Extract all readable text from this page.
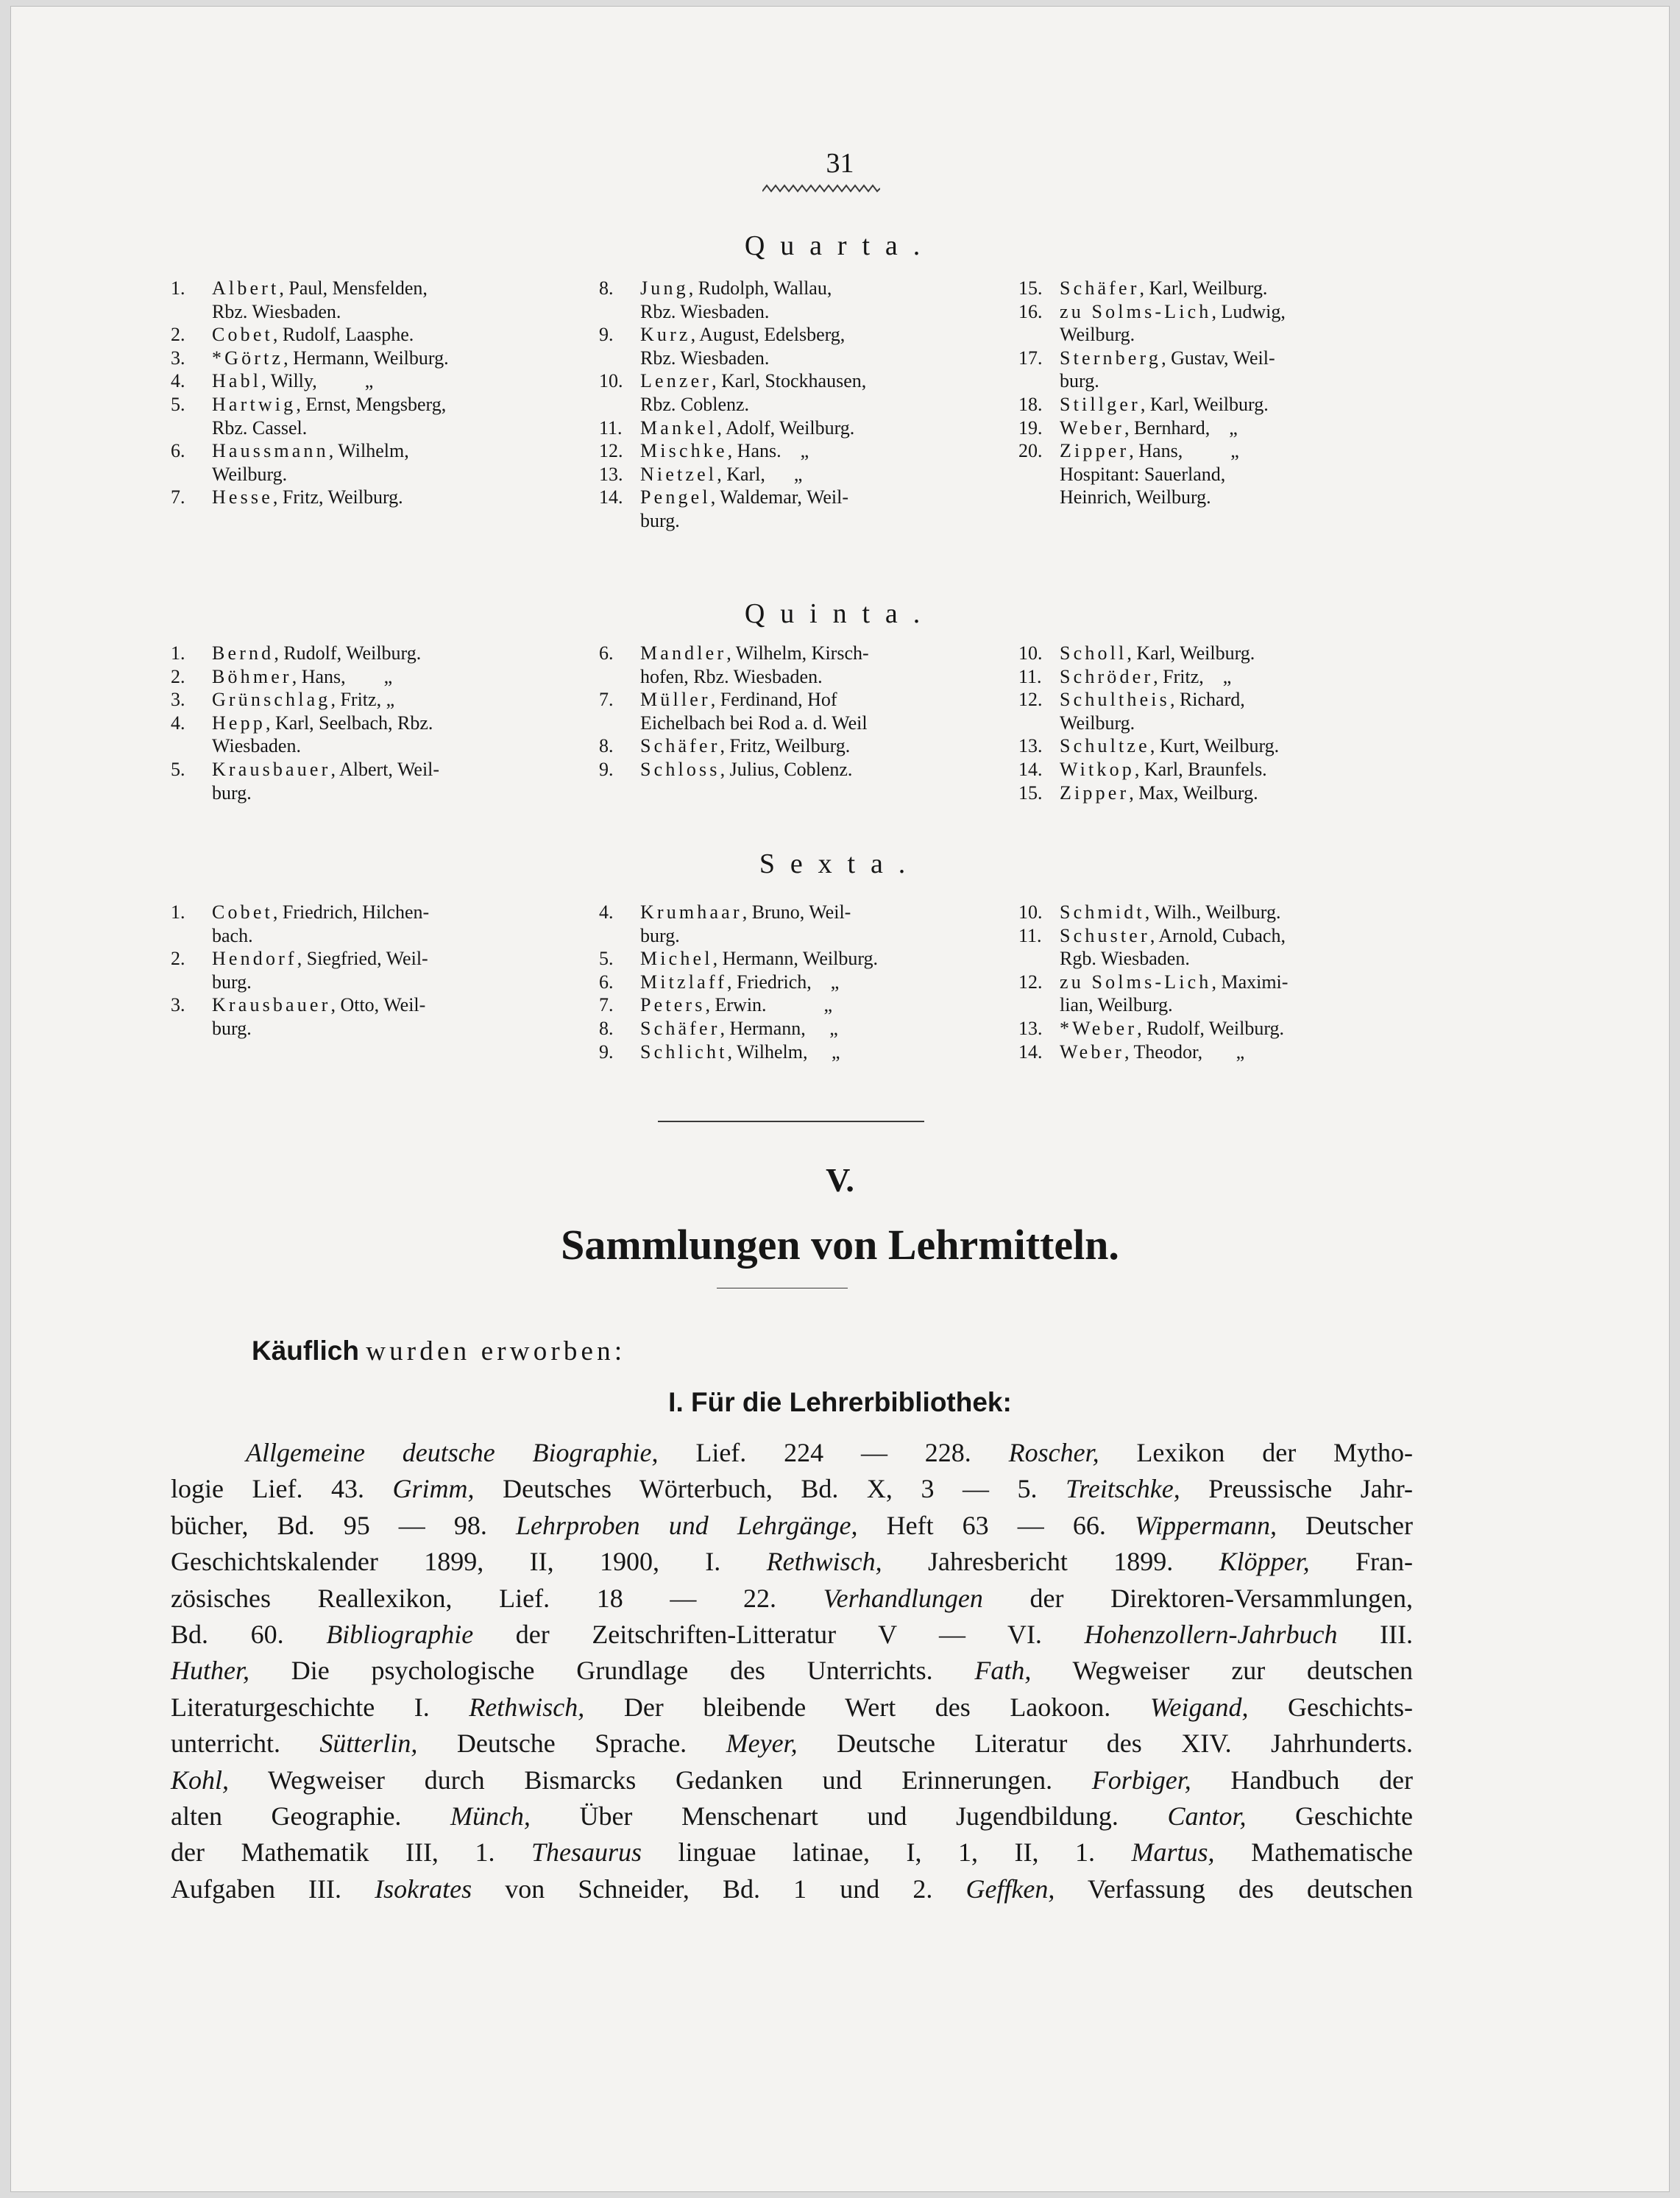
31
Quarta.
1.	Albert, Paul, Mensfelden,
Rbz. Wiesbaden.
2.	Cobet, Rudolf, Laasphe.
3.	*Görtz, Hermann, Weilburg.
4.	Habl, Willy,          „
5.	Hartwig, Ernst, Mengsberg,
Rbz. Cassel.
6.	Haussmann, Wilhelm,
Weilburg.
7.	Hesse, Fritz, Weilburg.
8.	Jung, Rudolph, Wallau,
Rbz. Wiesbaden.
9.	Kurz, August, Edelsberg,
Rbz. Wiesbaden.
10. Lenzer, Karl, Stockhausen,
Rbz. Coblenz.
11. Mankel, Adolf, Weilburg.
12. Mischke, Hans.    „
13. Nietzel, Karl,      „
14. Pengel, Waldemar, Weil-
burg.
15. Schäfer, Karl, Weilburg.
16. zu Solms-Lich, Ludwig,
Weilburg.
17. Sternberg, Gustav, Weil-
burg.
18. Stillger, Karl, Weilburg.
19. Weber, Bernhard,    „
20. Zipper, Hans,          „
Hospitant: Sauerland,
Heinrich, Weilburg.
Quinta.
1.	Bernd, Rudolf, Weilburg.
2.	Böhmer, Hans,        „
3.	Grünschlag, Fritz, „
4.	Hepp, Karl, Seelbach, Rbz.
Wiesbaden.
5.	Krausbauer, Albert, Weil-
burg.
6.	Mandler, Wilhelm, Kirsch-
hofen, Rbz. Wiesbaden.
7.	Müller, Ferdinand, Hof
Eichelbach bei Rod a. d. Weil
8.	Schäfer, Fritz, Weilburg.
9.	Schloss, Julius, Coblenz.
10. Scholl, Karl, Weilburg.
11. Schröder, Fritz,    „
12. Schultheis, Richard,
Weilburg.
13. Schultze, Kurt, Weilburg.
14. Witkop, Karl, Braunfels.
15. Zipper, Max, Weilburg.
Sexta.
1.	Cobet, Friedrich, Hilchen-
bach.
2.	Hendorf, Siegfried, Weil-
burg.
3.	Krausbauer, Otto, Weil-
burg.
4.	Krumhaar, Bruno, Weil-
burg.
5.	Michel, Hermann, Weilburg.
6.	Mitzlaff, Friedrich,    „
7.	Peters, Erwin.            „
8.	Schäfer, Hermann,     „
9.	Schlicht, Wilhelm,     „
10. Schmidt, Wilh., Weilburg.
11. Schuster, Arnold, Cubach,
Rgb. Wiesbaden.
12. zu Solms-Lich, Maximi-
lian, Weilburg.
13. *Weber, Rudolf, Weilburg.
14. Weber, Theodor,       „
V.
Sammlungen von Lehrmitteln.
Käuflich wurden erworben:
I. Für die Lehrerbibliothek:
Allgemeine deutsche Biographie, Lief. 224 — 228. Roscher, Lexikon der Mytho-
logie Lief. 43. Grimm, Deutsches Wörterbuch, Bd. X, 3 — 5. Treitschke, Preussische Jahr-
bücher, Bd. 95 — 98. Lehrproben und Lehrgänge, Heft 63 — 66. Wippermann, Deutscher
Geschichtskalender 1899, II, 1900, I. Rethwisch, Jahresbericht 1899. Klöpper, Fran-
zösisches Reallexikon, Lief. 18 — 22. Verhandlungen der Direktoren-Versammlungen,
Bd. 60. Bibliographie der Zeitschriften-Litteratur V — VI. Hohenzollern-Jahrbuch III.
Huther, Die psychologische Grundlage des Unterrichts. Fath, Wegweiser zur deutschen
Literaturgeschichte I. Rethwisch, Der bleibende Wert des Laokoon. Weigand, Geschichts-
unterricht. Sütterlin, Deutsche Sprache. Meyer, Deutsche Literatur des XIV. Jahrhunderts.
Kohl, Wegweiser durch Bismarcks Gedanken und Erinnerungen. Forbiger, Handbuch der
alten Geographie. Münch, Über Menschenart und Jugendbildung. Cantor, Geschichte
der Mathematik III, 1. Thesaurus linguae latinae, I, 1, II, 1. Martus, Mathematische
Aufgaben III. Isokrates von Schneider, Bd. 1 und 2. Geffken, Verfassung des deutschen
